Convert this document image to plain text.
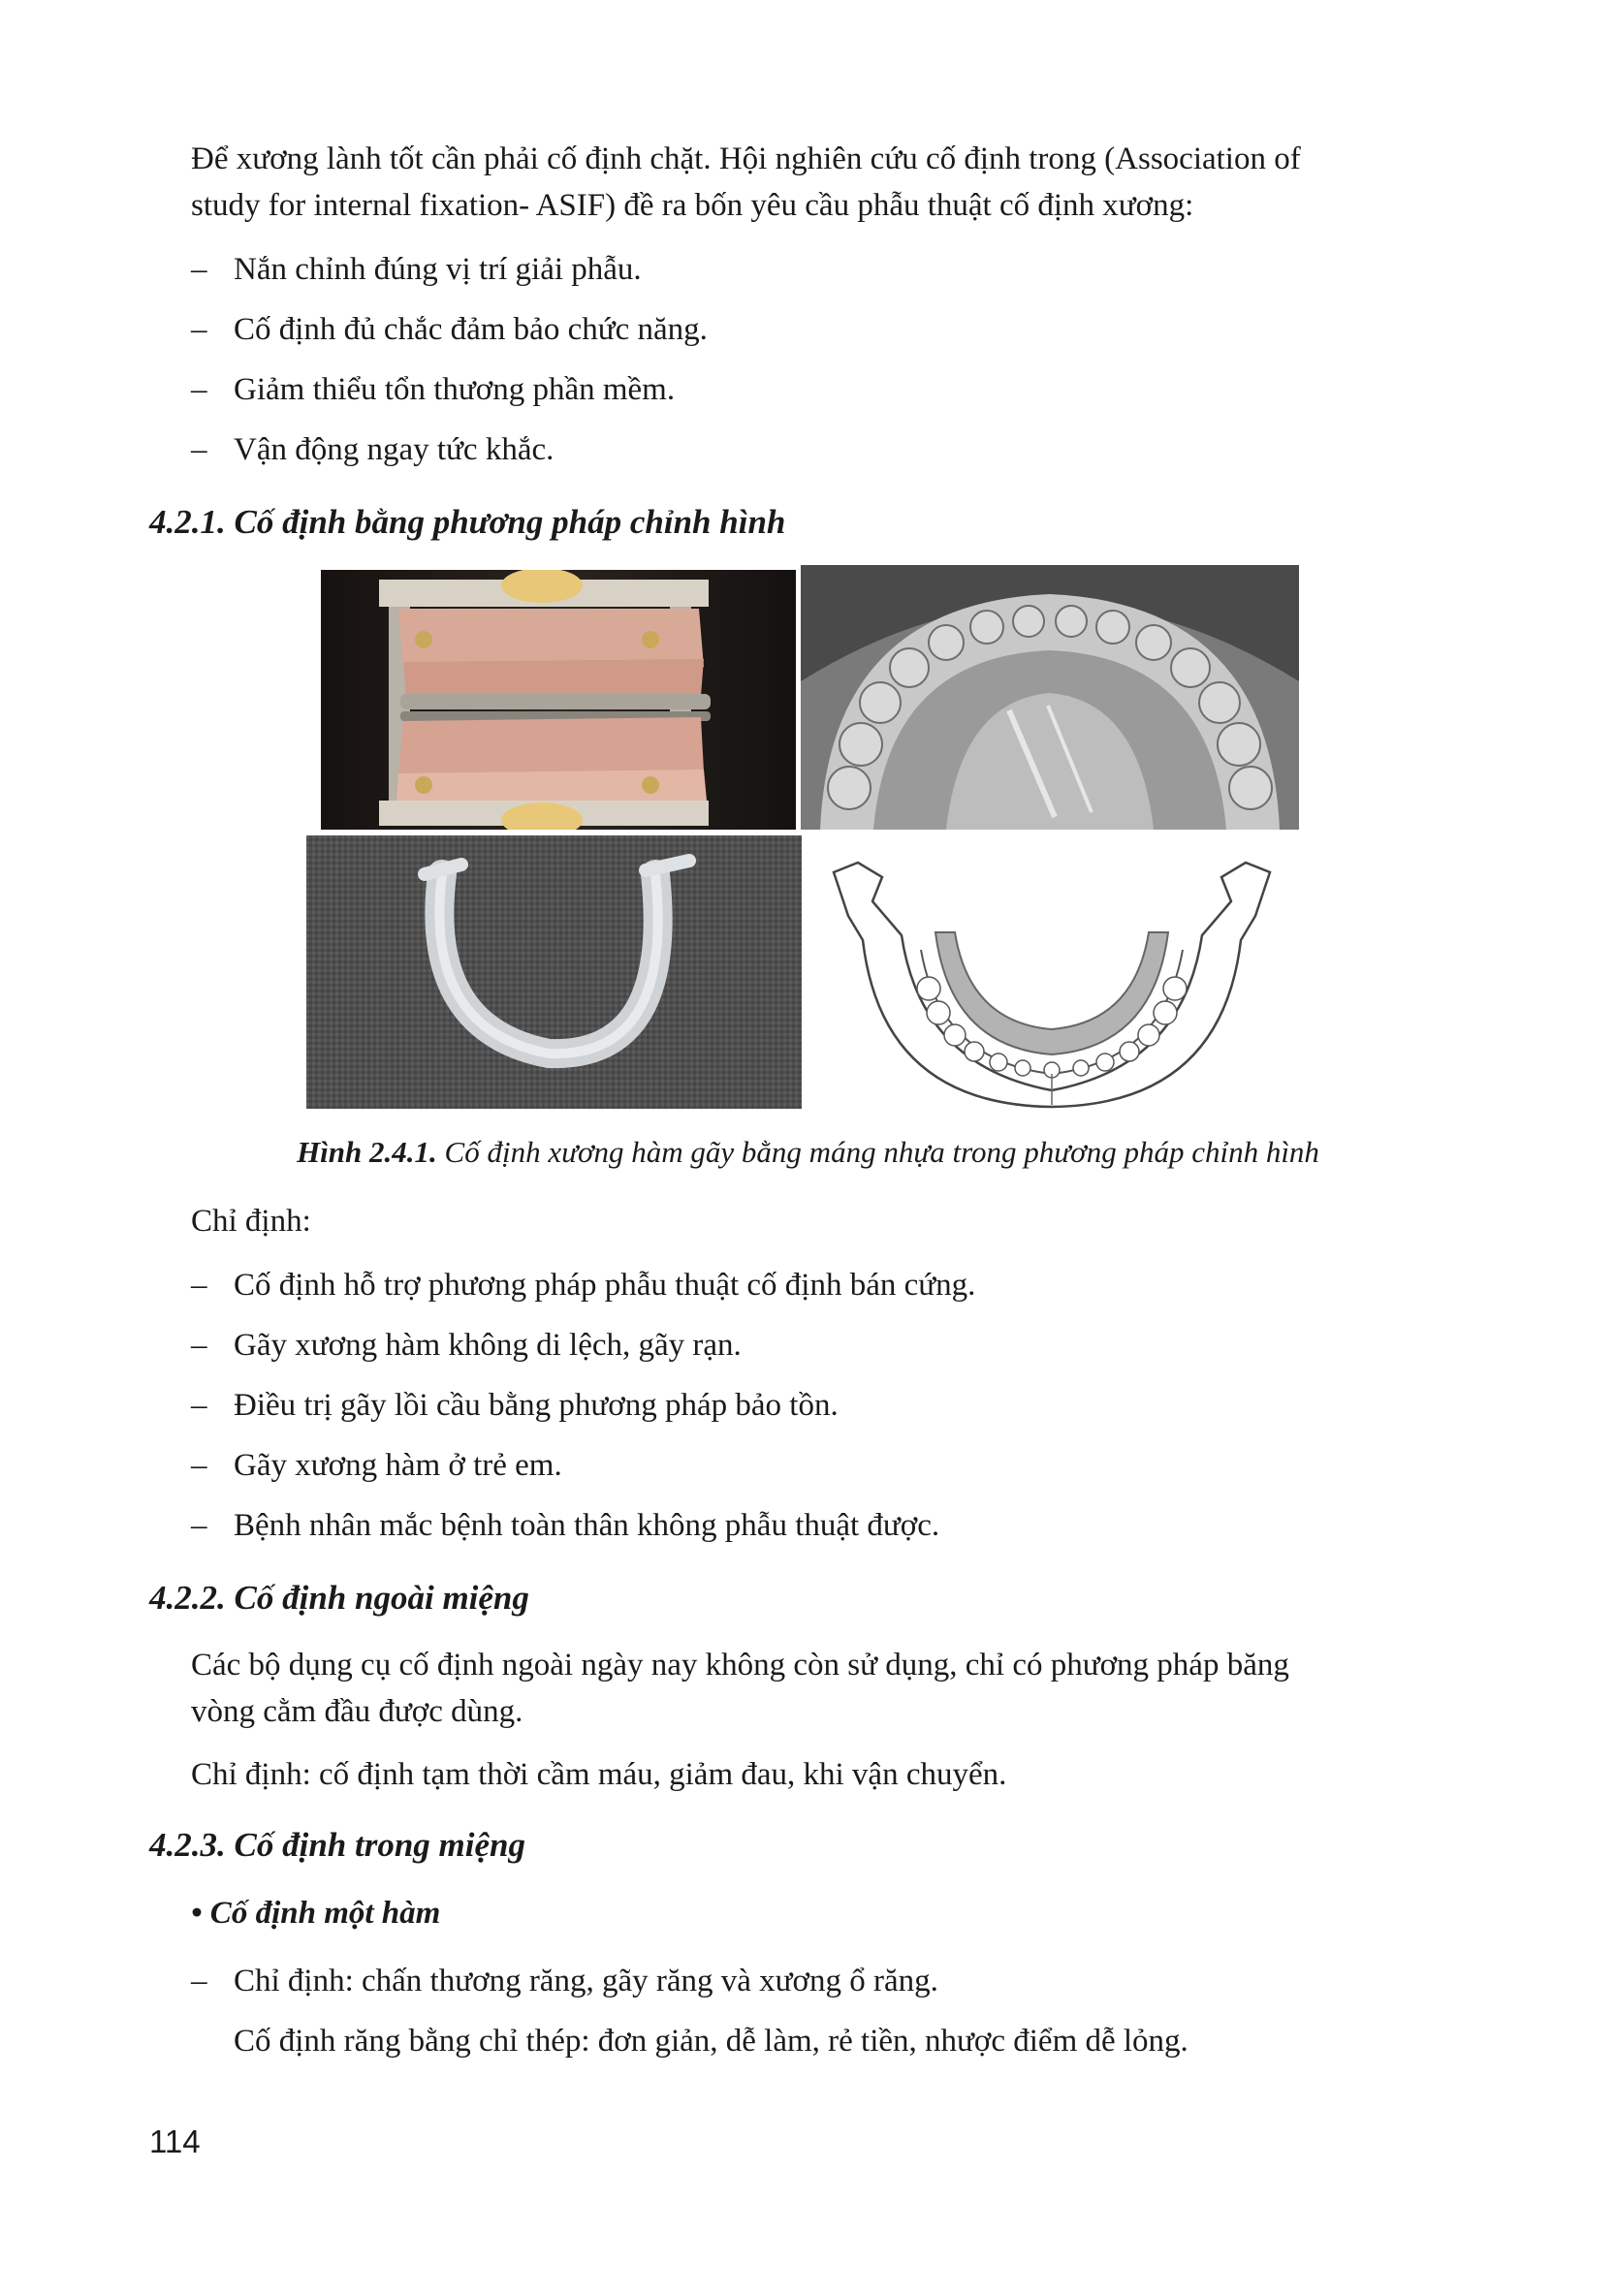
Để xương lành tốt cần phải cố định chặt. Hội nghiên cứu cố định trong (Association of

study for internal fixation- ASIF) đề ra bốn yêu cầu phẫu thuật cố định xương:

– Nắn chỉnh đúng vị trí giải phẫu.
– Cố định đủ chắc đảm bảo chức năng.
– Giảm thiểu tổn thương phần mềm.
– Vận động ngay tức khắc.
4.2.1. Cố định bằng phương pháp chỉnh hình

Hình 2.4.1. Cố định xương hàm gãy bằng máng nhựa trong phương pháp chỉnh hình

Chỉ định:

– Cố định hỗ trợ phương pháp phẫu thuật cố định bán cứng.
– Gãy xương hàm không di lệch, gãy rạn.
– Điều trị gãy lồi cầu bằng phương pháp bảo tồn.
– Gãy xương hàm ở trẻ em.
– Bệnh nhân mắc bệnh toàn thân không phẫu thuật được.
4.2.2. Cố định ngoài miệng

Các bộ dụng cụ cố định ngoài ngày nay không còn sử dụng, chỉ có phương pháp băng

vòng cằm đầu được dùng.

Chỉ định: cố định tạm thời cầm máu, giảm đau, khi vận chuyển.

4.2.3. Cố định trong miệng

• Cố định một hàm

– Chỉ định: chấn thương răng, gãy răng và xương ổ răng.

Cố định răng bằng chỉ thép: đơn giản, dễ làm, rẻ tiền, nhược điểm dễ lỏng.

114
